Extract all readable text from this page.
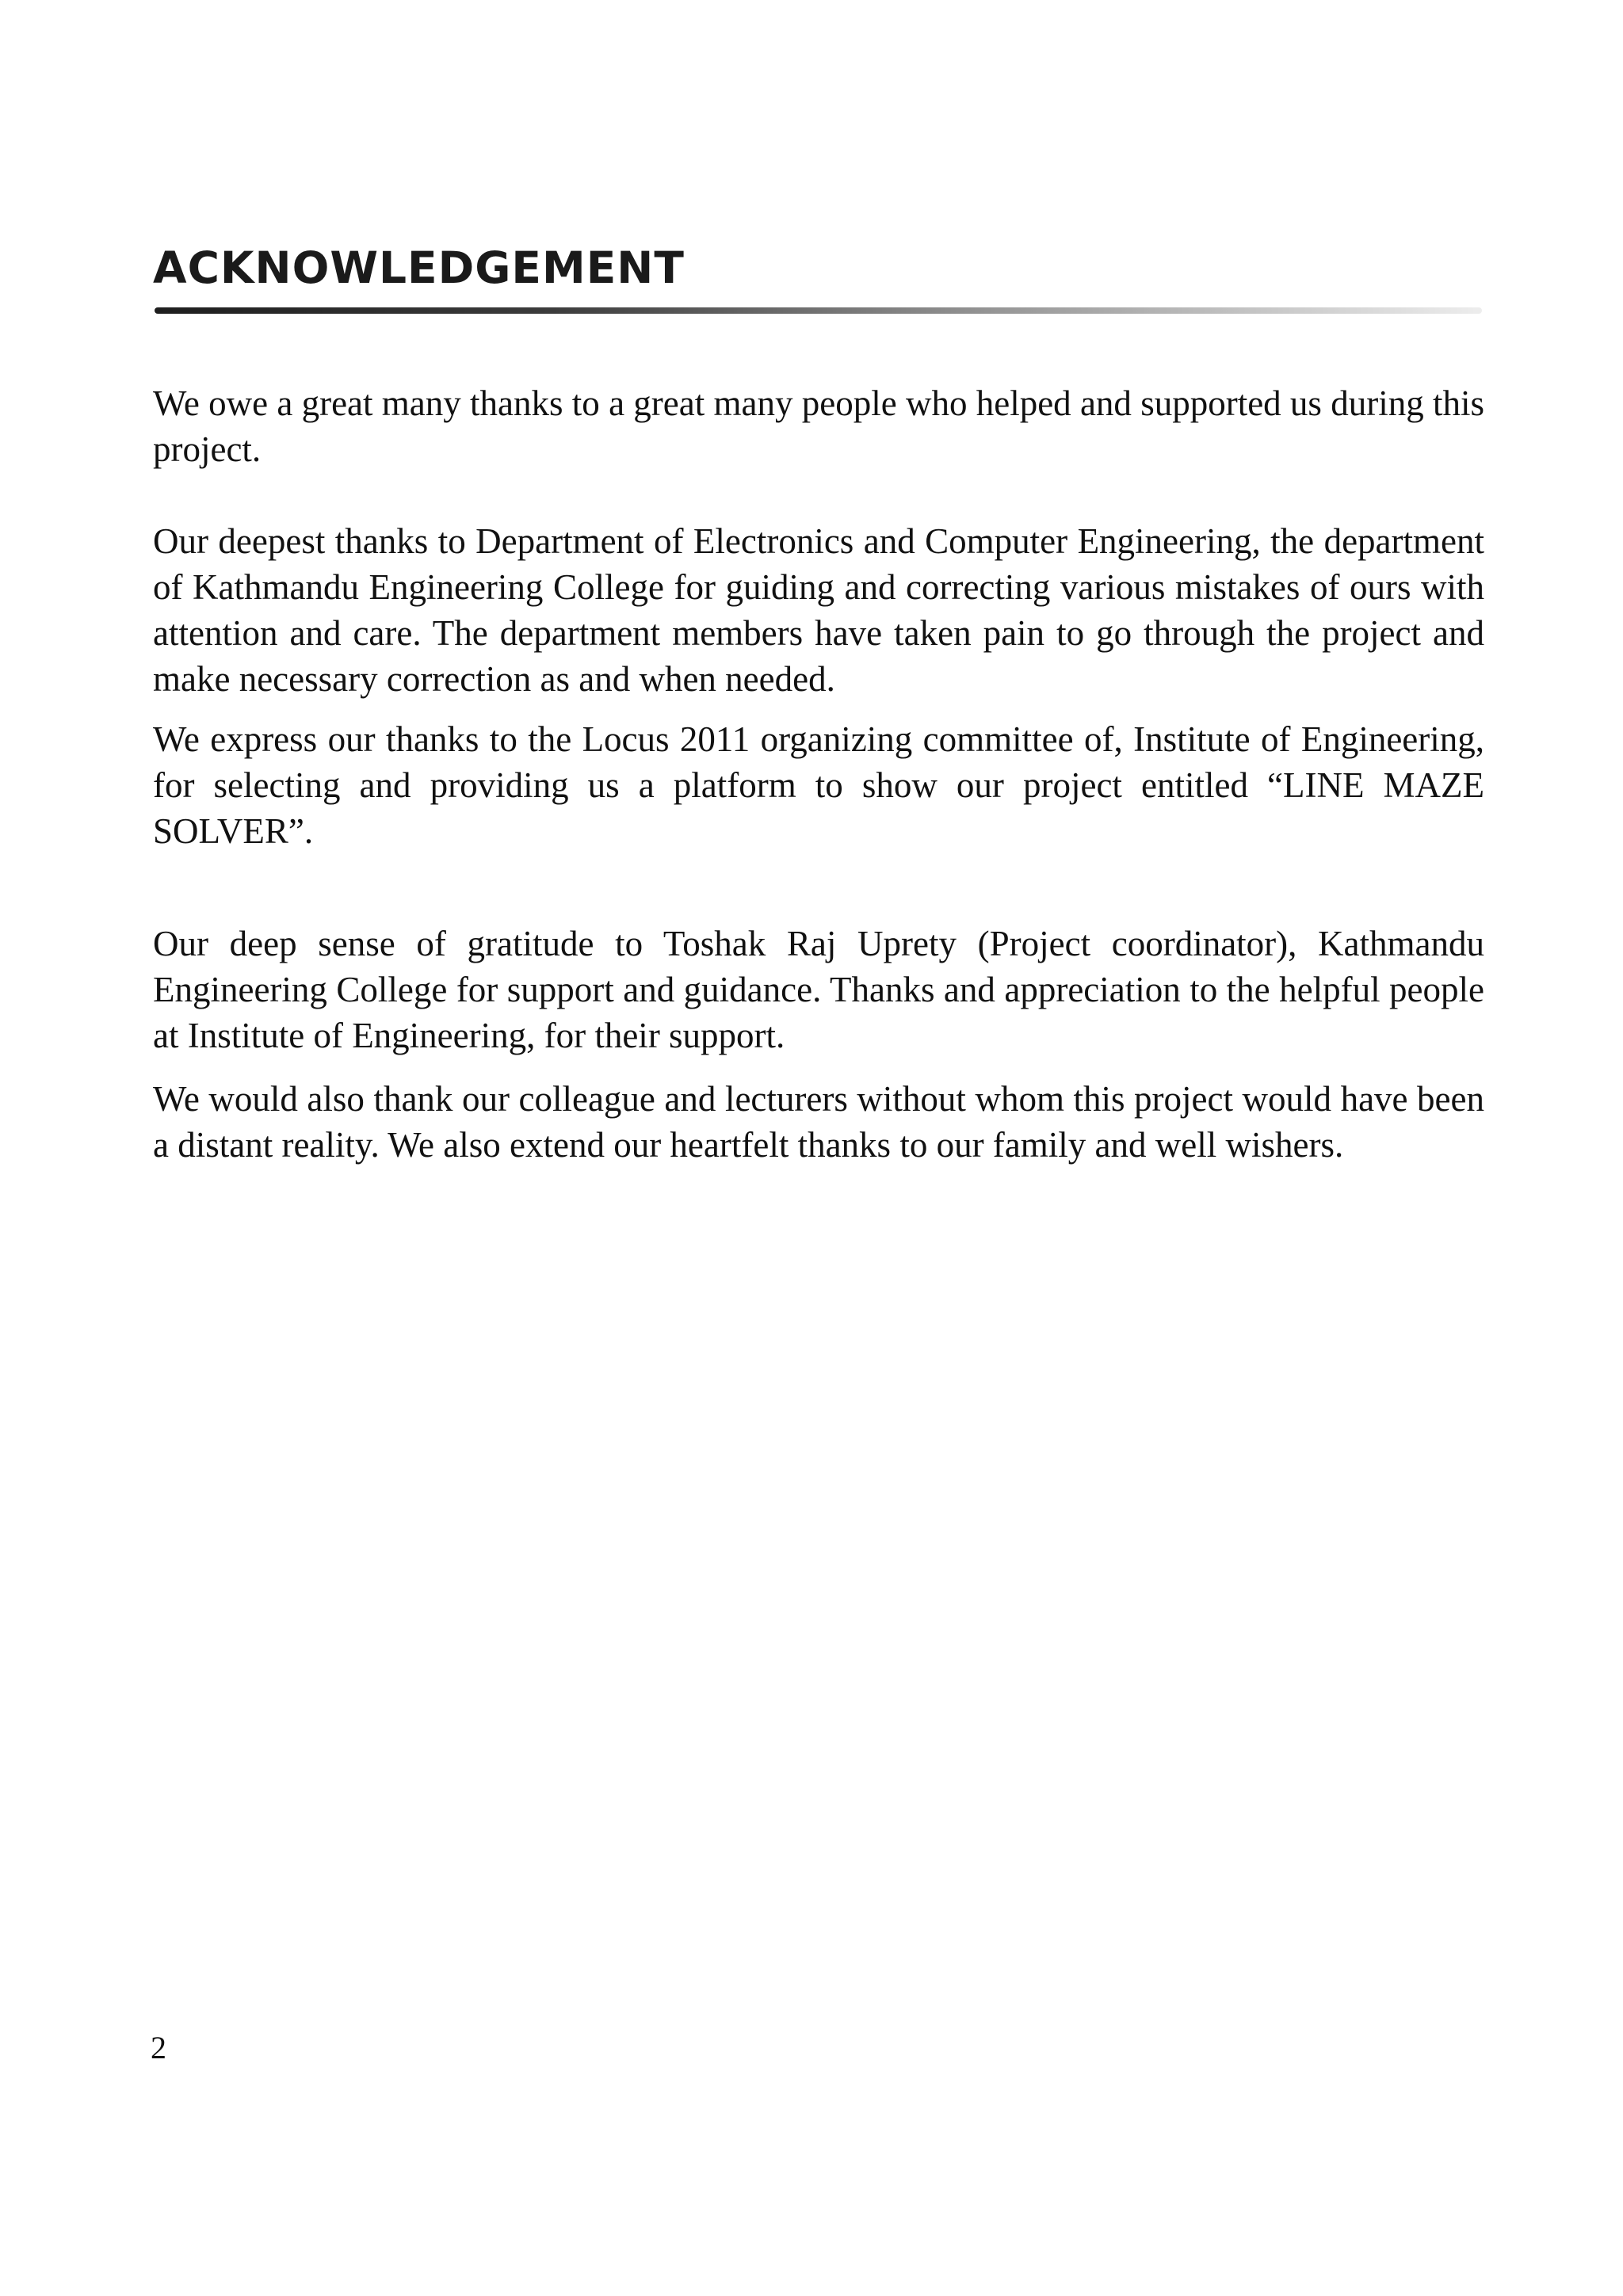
ACKNOWLEDGEMENT

We owe a great many thanks to a great many people who helped and supported us during this project.

Our deepest thanks to Department of Electronics and Computer Engineering, the department of Kathmandu Engineering College for guiding and correcting various mistakes of ours with attention and care. The department members have taken pain to go through the project and make necessary correction as and when needed.

We express our thanks to the Locus 2011 organizing committee of, Institute of Engineering, for selecting and providing us a platform to show our project entitled “LINE MAZE SOLVER”.

Our deep sense of gratitude to Toshak Raj Uprety (Project coordinator), Kathmandu Engineering College for support and guidance. Thanks and appreciation to the helpful people at Institute of Engineering, for their support.

We would also thank our colleague and lecturers without whom this project would have been a distant reality. We also extend our heartfelt thanks to our family and well wishers.

2
